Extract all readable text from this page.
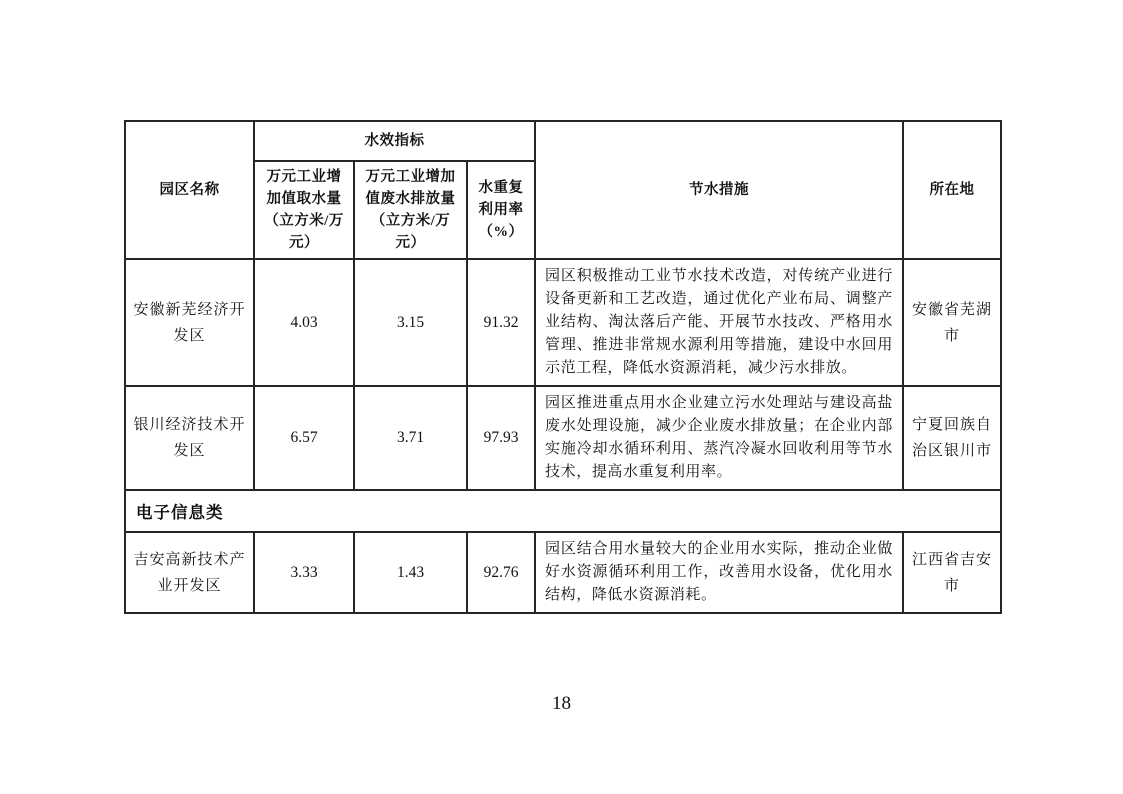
园区名称	水效指标			节水措施	所在地
	万元工业增加值取水量（立方米/万元）	万元工业增加值废水排放量（立方米/万元）	水重复利用率（%）		
安徽新芜经济开发区	4.03	3.15	91.32	园区积极推动工业节水技术改造，对传统产业进行设备更新和工艺改造，通过优化产业布局、调整产业结构、淘汰落后产能、开展节水技改、严格用水管理、推进非常规水源利用等措施，建设中水回用示范工程，降低水资源消耗，减少污水排放。	安徽省芜湖市
银川经济技术开发区	6.57	3.71	97.93	园区推进重点用水企业建立污水处理站与建设高盐废水处理设施，减少企业废水排放量；在企业内部实施冷却水循环利用、蒸汽冷凝水回收利用等节水技术，提高水重复利用率。	宁夏回族自治区银川市
电子信息类					
吉安高新技术产业开发区	3.33	1.43	92.76	园区结合用水量较大的企业用水实际，推动企业做好水资源循环利用工作，改善用水设备，优化用水结构，降低水资源消耗。	江西省吉安市
18
